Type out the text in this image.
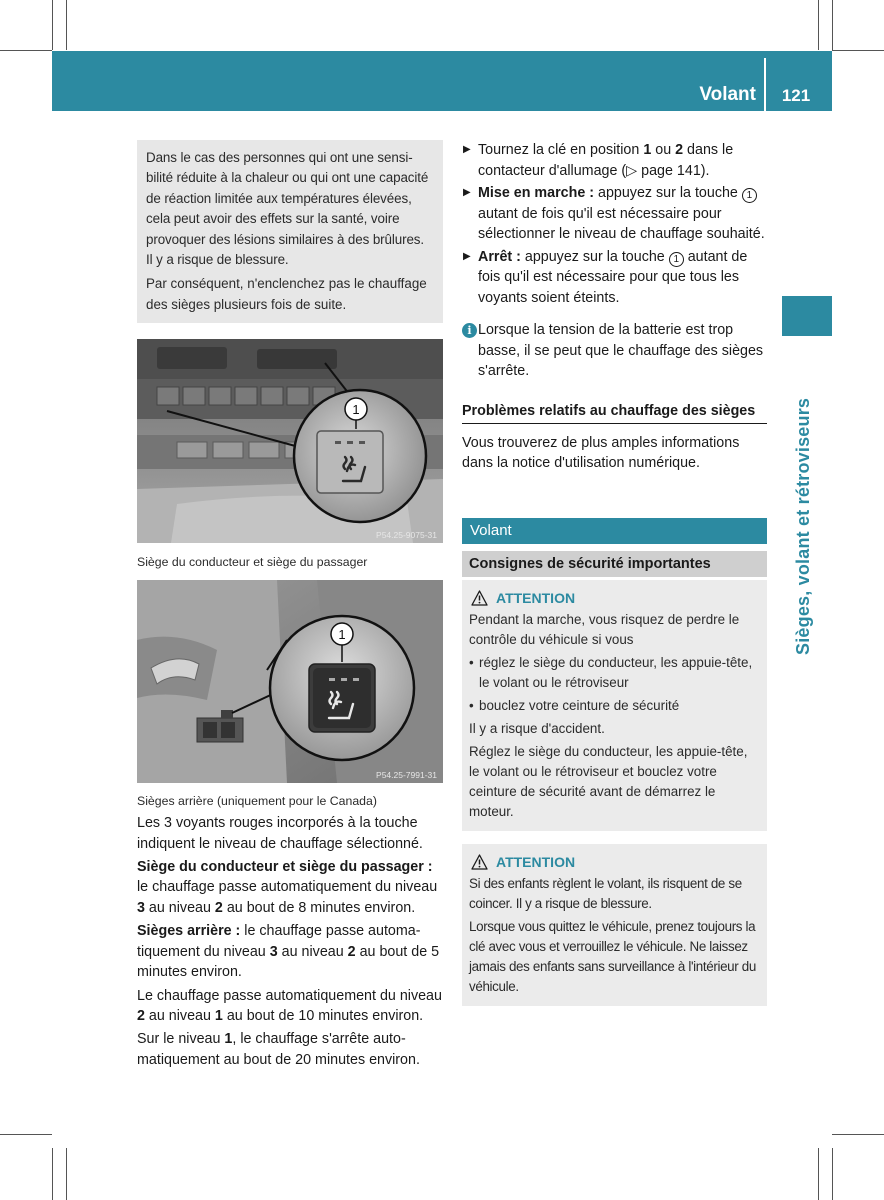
Volant	121
Sièges, volant et rétroviseurs

Dans le cas des personnes qui ont une sensibilité réduite à la chaleur ou qui ont une capacité de réaction limitée aux températures élevées, cela peut avoir des effets sur la santé, voire provoquer des lésions similaires à des brûlures. Il y a risque de blessure.

Par conséquent, n'enclenchez pas le chauffage des sièges plusieurs fois de suite.

1
P54.25-9075-31
Siège du conducteur et siège du passager
1
P54.25-7991-31
Sièges arrière (uniquement pour le Canada)

Les 3 voyants rouges incorporés à la touche indiquent le niveau de chauffage sélectionné.

Siège du conducteur et siège du passager : le chauffage passe automatiquement du niveau 3 au niveau 2 au bout de 8 minutes environ.

Sièges arrière : le chauffage passe automatiquement du niveau 3 au niveau 2 au bout de 5 minutes environ.

Le chauffage passe automatiquement du niveau 2 au niveau 1 au bout de 10 minutes environ.

Sur le niveau 1, le chauffage s'arrête automatiquement au bout de 20 minutes environ.

▶ Tournez la clé en position 1 ou 2 dans le contacteur d'allumage (▷ page 141).
▶ Mise en marche : appuyez sur la touche 1 autant de fois qu'il est nécessaire pour sélectionner le niveau de chauffage souhaité.
▶ Arrêt : appuyez sur la touche 1 autant de fois qu'il est nécessaire pour que tous les voyants soient éteints.
i Lorsque la tension de la batterie est trop basse, il se peut que le chauffage des sièges s'arrête.
Problèmes relatifs au chauffage des sièges
Vous trouverez de plus amples informations dans la notice d'utilisation numérique.
Volant
Consignes de sécurité importantes
ATTENTION

Pendant la marche, vous risquez de perdre le contrôle du véhicule si vous

• réglez le siège du conducteur, les appuie-tête, le volant ou le rétroviseur

• bouclez votre ceinture de sécurité

Il y a risque d'accident.

Réglez le siège du conducteur, les appuie-tête, le volant ou le rétroviseur et bouclez votre ceinture de sécurité avant de démarrez le moteur.

ATTENTION

Si des enfants règlent le volant, ils risquent de se coincer. Il y a risque de blessure.

Lorsque vous quittez le véhicule, prenez toujours la clé avec vous et verrouillez le véhicule. Ne laissez jamais des enfants sans surveillance à l'intérieur du véhicule.
